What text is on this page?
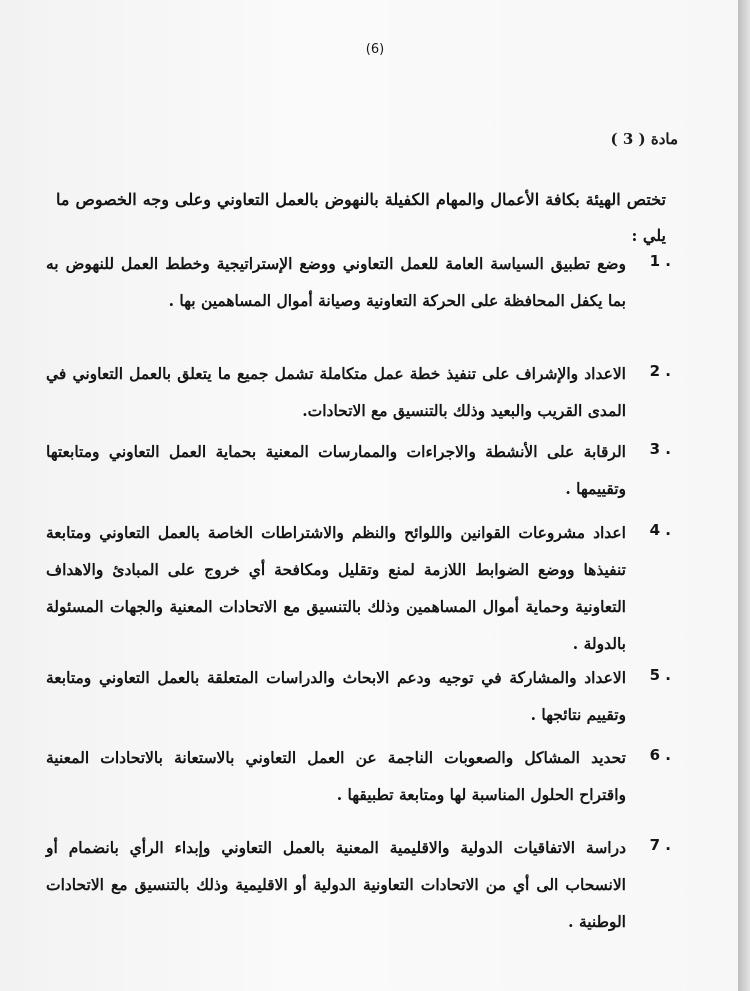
(6)
مادة ( 3 )
تختص الهيئة بكافة الأعمال والمهام الكفيلة بالنهوض بالعمل التعاوني وعلى وجه الخصوص ما يلي :
1 .
وضع تطبيق السياسة العامة للعمل التعاوني ووضع الإستراتيجية وخطط العمل للنهوض به بما يكفل المحافظة على الحركة التعاونية وصيانة أموال المساهمين بها .
2 .
الاعداد والإشراف على تنفيذ خطة عمل متكاملة تشمل جميع ما يتعلق بالعمل التعاوني في المدى القريب والبعيد وذلك بالتنسيق مع الاتحادات.
3 .
الرقابة على الأنشطة والاجراءات والممارسات المعنية بحماية العمل التعاوني ومتابعتها وتقييمها .
4 .
اعداد مشروعات القوانين واللوائح والنظم والاشتراطات الخاصة بالعمل التعاوني ومتابعة تنفيذها ووضع الضوابط اللازمة لمنع وتقليل ومكافحة أي خروج على المبادئ والاهداف التعاونية وحماية أموال المساهمين وذلك بالتنسيق مع الاتحادات المعنية والجهات المسئولة بالدولة .
5 .
الاعداد والمشاركة في توجيه ودعم الابحاث والدراسات المتعلقة بالعمل التعاوني ومتابعة وتقييم نتائجها .
6 .
تحديد المشاكل والصعوبات الناجمة عن العمل التعاوني بالاستعانة بالاتحادات المعنية واقتراح الحلول المناسبة لها ومتابعة تطبيقها .
7 .
دراسة الاتفاقيات الدولية والاقليمية المعنية بالعمل التعاوني وإبداء الرأي بانضمام أو الانسحاب الى أي من الاتحادات التعاونية الدولية أو الاقليمية وذلك بالتنسيق مع الاتحادات الوطنية .
